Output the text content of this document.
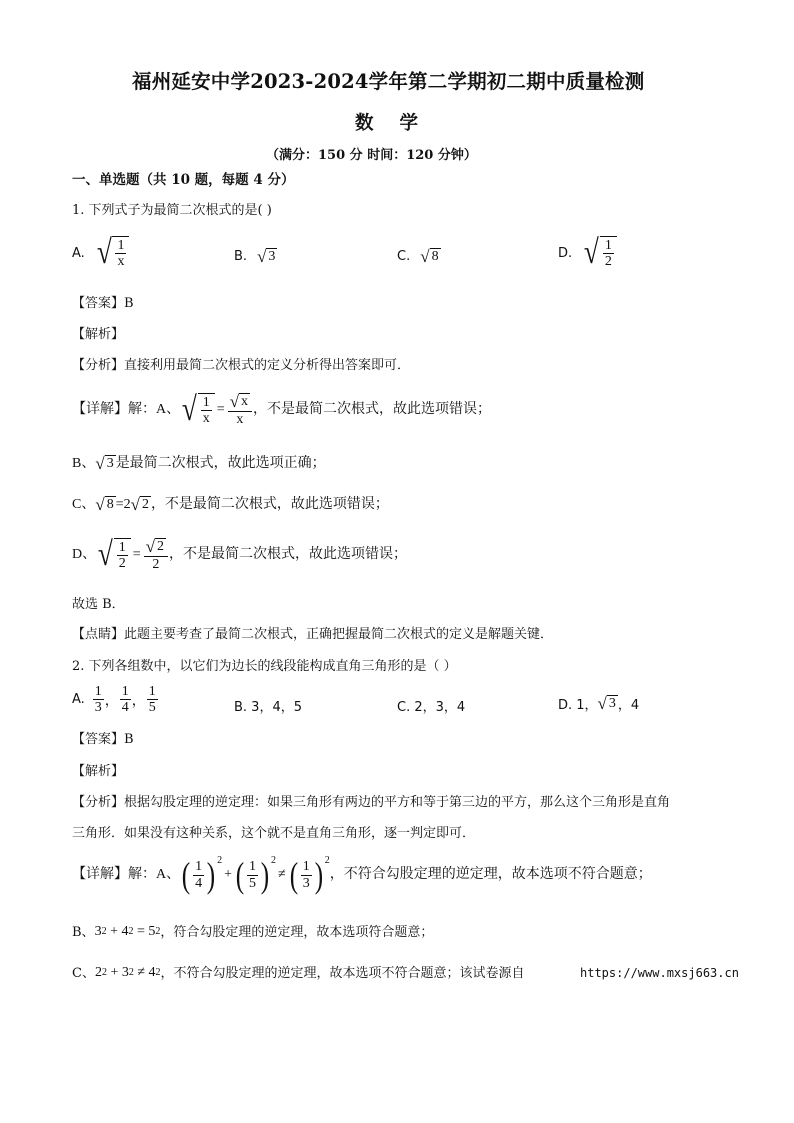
福州延安中学2023-2024学年第二学期初二期中质量检测
数学
（满分：150 分 时间：120 分钟）
一、单选题（共 10 题，每题 4 分）
1. 下列式子为最简二次根式的是( )
A. √ $\frac{1}{x}$	B. √ 3	C. √ 8	D. √ $\frac{1}{2}$
【答案】B
【解析】
【分析】直接利用最简二次根式的定义分析得出答案即可．
【详解】 解：A、 √ $\frac{1}{x} = \frac{√ x}{x}$ ，不是最简二次根式，故此选项错误；
B、 √ 3 是最简二次根式，故此选项正确；
C、 √ 8 =2 √ 2 ，不是最简二次根式，故此选项错误；
D、 √ $\frac{1}{2} = \frac{√ 2}{2}$ ，不是最简二次根式，故此选项错误；
故选 B．
【点睛】此题主要考查了最简二次根式，正确把握最简二次根式的定义是解题关键．
2. 下列各组数中，以它们为边长的线段能构成直角三角形的是（ ）
A. $\frac{1}{3}$ ， $\frac{1}{4}$ ， $\frac{1}{5}$	B. 3，4，5	C. 2，3，4	D. 1， √ 3 ，4
【答案】B
【解析】
【分析】根据勾股定理的逆定理：如果三角形有两边的平方和等于第三边的平方，那么这个三角形是直角
三角形．如果没有这种关系，这个就不是直角三角形，逐一判定即可．
【详解】 解：A、 ( $\frac{1}{4}$ ) 2
+ ( $\frac{1}{5}$ ) 2
≠ ( $\frac{1}{3}$ ) 2
，不符合勾股定理的逆定理，故本选项不符合题意；
B、3 2 + 4 2 = 5 2 ，符合勾股定理的逆定理，故本选项符合题意；
C、2 2 + 3 2 ≠ 4 2 ，不符合勾股定理的逆定理，故本选项不符合题意；该试卷源自	https://www.mxsj663.cn
